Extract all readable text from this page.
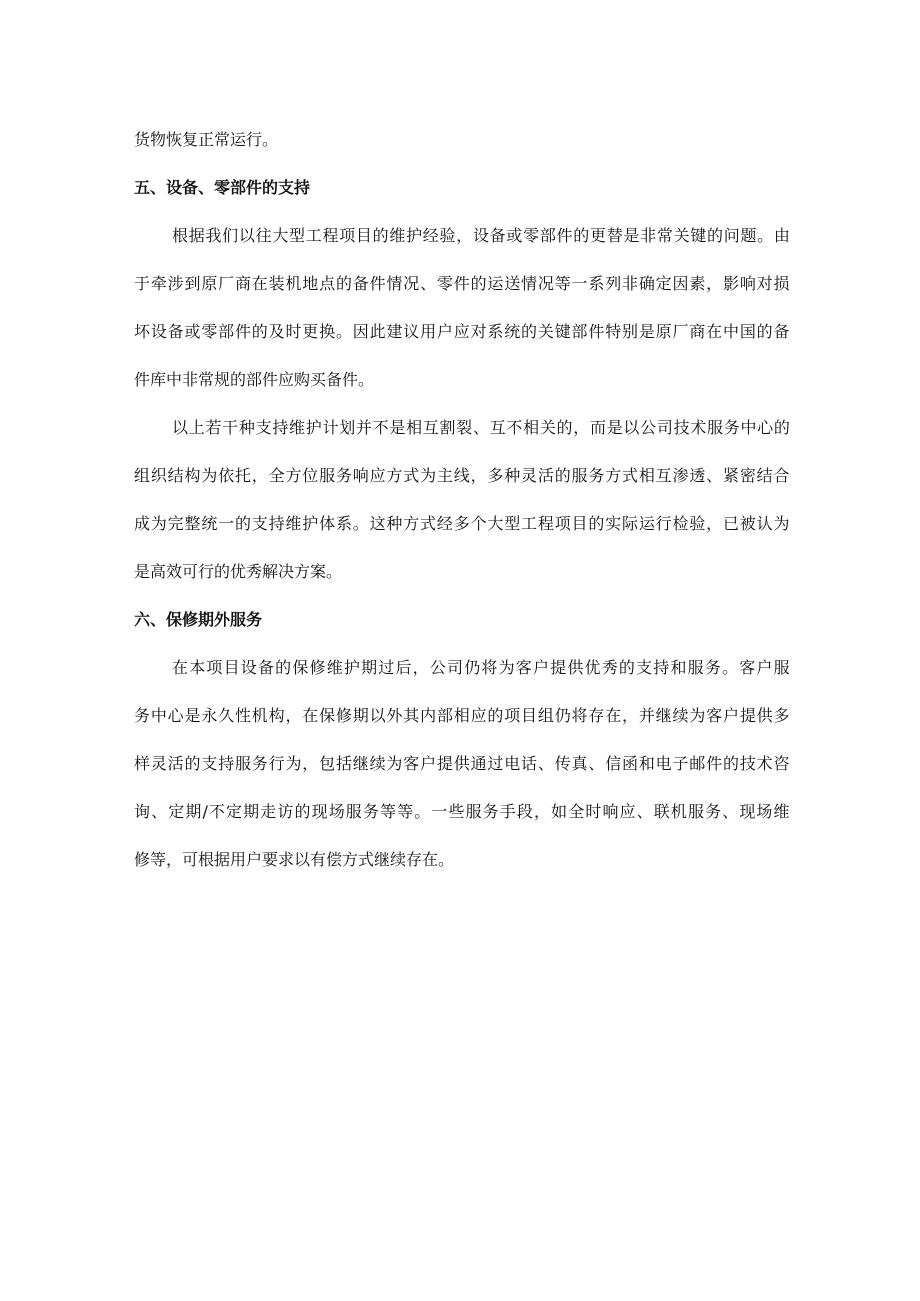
货物恢复正常运行。
五、设备、零部件的支持
根 据 我 们 以 往 大 型 工 程 项 目 的 维 护 经 验 ， 设 备 或 零 部 件 的 更 替 是 非 常 关 键 的 问 题 。 由
于 牵 涉 到 原 厂 商 在 装 机 地 点 的 备 件 情 况 、 零 件 的 运 送 情 况 等 一 系 列 非 确 定 因 素 ， 影 响 对 损
坏 设 备 或 零 部 件 的 及 时 更 换 。 因 此 建 议 用 户 应 对 系 统 的 关 键 部 件 特 别 是 原 厂 商 在 中 国 的 备
件库中非常规的部件应购买备件。
以 上 若 干 种 支 持 维 护 计 划 并 不 是 相 互 割 裂 、 互 不 相 关 的 ， 而 是 以 公 司 技 术 服 务 中 心 的
组 织 结 构 为 依 托 ， 全 方 位 服 务 响 应 方 式 为 主 线 ， 多 种 灵 活 的 服 务 方 式 相 互 渗 透 、 紧 密 结 合
成 为 完 整 统 一 的 支 持 维 护 体 系 。 这 种 方 式 经 多 个 大 型 工 程 项 目 的 实 际 运 行 检 验 ， 已 被 认 为
是高效可行的优秀解决方案。
六、保修期外服务
在 本 项 目 设 备 的 保 修 维 护 期 过 后 ， 公 司 仍 将 为 客 户 提 供 优 秀 的 支 持 和 服 务 。 客 户 服
务 中 心 是 永 久 性 机 构 ， 在 保 修 期 以 外 其 内 部 相 应 的 项 目 组 仍 将 存 在 ， 并 继 续 为 客 户 提 供 多
样 灵 活 的 支 持 服 务 行 为 ， 包 括 继 续 为 客 户 提 供 通 过 电 话 、 传 真 、 信 函 和 电 子 邮 件 的 技 术 咨
询 、 定 期 / 不 定 期 走 访 的 现 场 服 务 等 等 。 一 些 服 务 手 段 ， 如 全 时 响 应 、 联 机 服 务 、 现 场 维
修等，可根据用户要求以有偿方式继续存在。
